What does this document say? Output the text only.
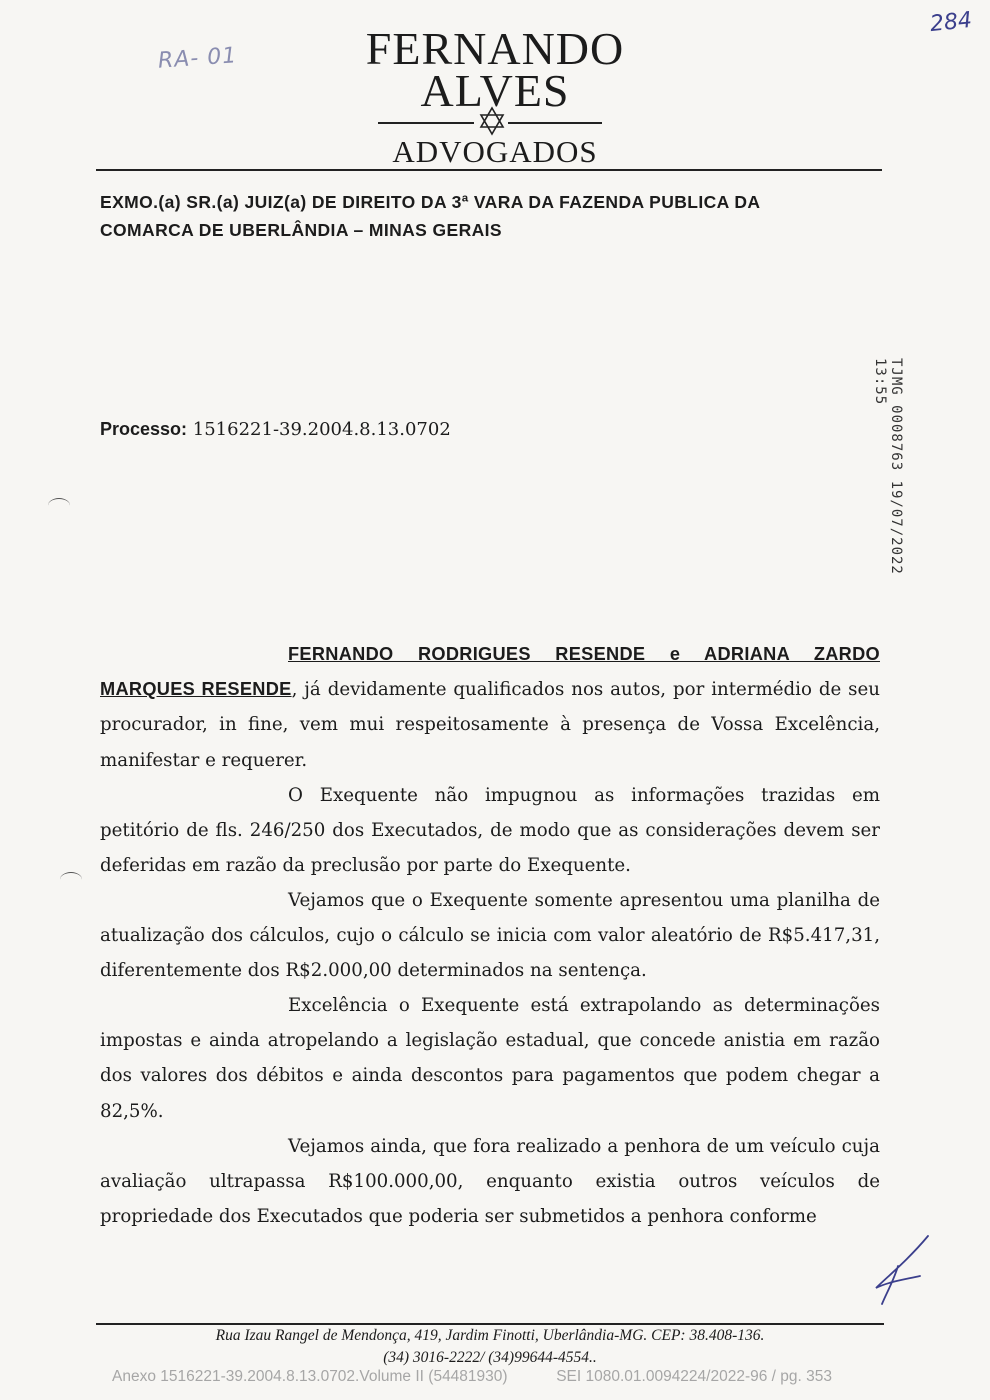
RA- 01
284
FERNANDO
ALVES
ADVOGADOS
EXMO.(a) SR.(a) JUIZ(a) DE DIREITO DA 3ª VARA DA FAZENDA PUBLICA DA
COMARCA DE UBERLÂNDIA – MINAS GERAIS
Processo: 1516221-39.2004.8.13.0702	TJMG 0008763 19/07/2022 13:55
FERNANDO RODRIGUES RESENDE e ADRIANA ZARDO MARQUES RESENDE, já devidamente qualificados nos autos, por intermédio de seu procurador, in fine, vem mui respeitosamente à presença de Vossa Excelência, manifestar e requerer.
O Exequente não impugnou as informações trazidas em petitório de fls. 246/250 dos Executados, de modo que as considerações devem ser deferidas em razão da preclusão por parte do Exequente.
Vejamos que o Exequente somente apresentou uma planilha de atualização dos cálculos, cujo o cálculo se inicia com valor aleatório de R$5.417,31, diferentemente dos R$2.000,00 determinados na sentença.
Excelência o Exequente está extrapolando as determinações impostas e ainda atropelando a legislação estadual, que concede anistia em razão dos valores dos débitos e ainda descontos para pagamentos que podem chegar a 82,5%.
Vejamos ainda, que fora realizado a penhora de um veículo cuja avaliação ultrapassa R$100.000,00, enquanto existia outros veículos de propriedade dos Executados que poderia ser submetidos a penhora conforme
Rua Izau Rangel de Mendonça, 419, Jardim Finotti, Uberlândia-MG. CEP: 38.408-136.
(34) 3016-2222/ (34)99644-4554..
Anexo 1516221-39.2004.8.13.0702.Volume II (54481930)	SEI 1080.01.0094224/2022-96 / pg. 353
